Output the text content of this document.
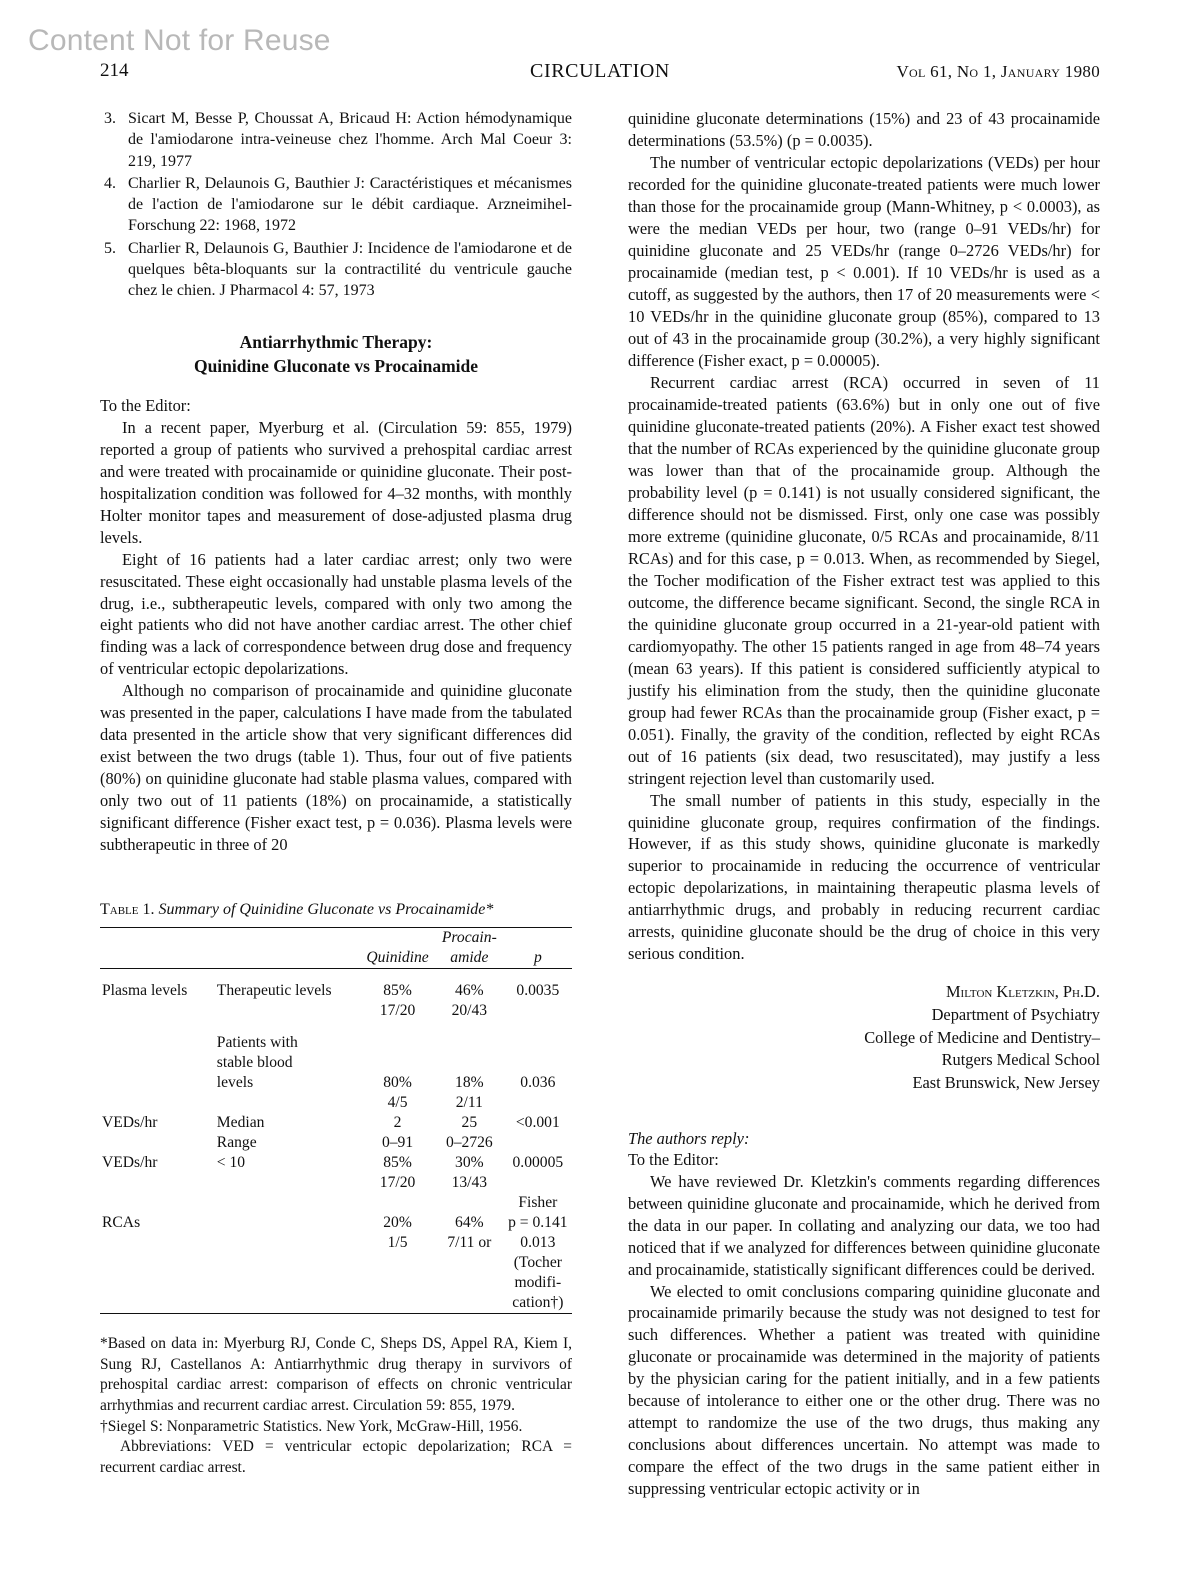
Content Not for Reuse
214	CIRCULATION	Vol 61, No 1, January 1980
3. Sicart M, Besse P, Choussat A, Bricaud H: Action hémodynamique de l'amiodarone intra-veineuse chez l'homme. Arch Mal Coeur 3: 219, 1977
4. Charlier R, Delaunois G, Bauthier J: Caractéristiques et mécanismes de l'action de l'amiodarone sur le débit cardiaque. Arzneimihel-Forschung 22: 1968, 1972
5. Charlier R, Delaunois G, Bauthier J: Incidence de l'amiodarone et de quelques bêta-bloquants sur la contractilité du ventricule gauche chez le chien. J Pharmacol 4: 57, 1973
Antiarrhythmic Therapy:
Quinidine Gluconate vs Procainamide

To the Editor:

In a recent paper, Myerburg et al. (Circulation 59: 855, 1979) reported a group of patients who survived a prehospital cardiac arrest and were treated with procainamide or quinidine gluconate. Their post-hospitalization condition was followed for 4–32 months, with monthly Holter monitor tapes and measurement of dose-adjusted plasma drug levels.

Eight of 16 patients had a later cardiac arrest; only two were resuscitated. These eight occasionally had unstable plasma levels of the drug, i.e., subtherapeutic levels, compared with only two among the eight patients who did not have another cardiac arrest. The other chief finding was a lack of correspondence between drug dose and frequency of ventricular ectopic depolarizations.

Although no comparison of procainamide and quinidine gluconate was presented in the paper, calculations I have made from the tabulated data presented in the article show that very significant differences did exist between the two drugs (table 1). Thus, four out of five patients (80%) on quinidine gluconate had stable plasma values, compared with only two out of 11 patients (18%) on procainamide, a statistically significant difference (Fisher exact test, p = 0.036). Plasma levels were subtherapeutic in three of 20

Table 1. Summary of Quinidine Gluconate vs Procainamide*
			Procain-	
		Quinidine	amide	p

Plasma levels	Therapeutic levels	85%	46%	0.0035
		17/20	20/43	

	Patients with			
	stable blood			
	levels	80%	18%	0.036
		4/5	2/11	
VEDs/hr	Median	2	25	<0.001
	Range	0–91	0–2726	
VEDs/hr	< 10	85%	30%	0.00005
		17/20	13/43	
				Fisher
RCAs		20%	64%	p = 0.141
		1/5	7/11 or	0.013
				(Tocher
				modifi-
				cation†)

*Based on data in: Myerburg RJ, Conde C, Sheps DS, Appel RA, Kiem I, Sung RJ, Castellanos A: Antiarrhythmic drug therapy in survivors of prehospital cardiac arrest: comparison of effects on chronic ventricular arrhythmias and recurrent cardiac arrest. Circulation 59: 855, 1979.

†Siegel S: Nonparametric Statistics. New York, McGraw-Hill, 1956.

Abbreviations: VED = ventricular ectopic depolarization; RCA = recurrent cardiac arrest.

quinidine gluconate determinations (15%) and 23 of 43 procainamide determinations (53.5%) (p = 0.0035).

The number of ventricular ectopic depolarizations (VEDs) per hour recorded for the quinidine gluconate-treated patients were much lower than those for the procainamide group (Mann-Whitney, p < 0.0003), as were the median VEDs per hour, two (range 0–91 VEDs/hr) for quinidine gluconate and 25 VEDs/hr (range 0–2726 VEDs/hr) for procainamide (median test, p < 0.001). If 10 VEDs/hr is used as a cutoff, as suggested by the authors, then 17 of 20 measurements were < 10 VEDs/hr in the quinidine gluconate group (85%), compared to 13 out of 43 in the procainamide group (30.2%), a very highly significant difference (Fisher exact, p = 0.00005).

Recurrent cardiac arrest (RCA) occurred in seven of 11 procainamide-treated patients (63.6%) but in only one out of five quinidine gluconate-treated patients (20%). A Fisher exact test showed that the number of RCAs experienced by the quinidine gluconate group was lower than that of the procainamide group. Although the probability level (p = 0.141) is not usually considered significant, the difference should not be dismissed. First, only one case was possibly more extreme (quinidine gluconate, 0/5 RCAs and procainamide, 8/11 RCAs) and for this case, p = 0.013. When, as recommended by Siegel, the Tocher modification of the Fisher extract test was applied to this outcome, the difference became significant. Second, the single RCA in the quinidine gluconate group occurred in a 21-year-old patient with cardiomyopathy. The other 15 patients ranged in age from 48–74 years (mean 63 years). If this patient is considered sufficiently atypical to justify his elimination from the study, then the quinidine gluconate group had fewer RCAs than the procainamide group (Fisher exact, p = 0.051). Finally, the gravity of the condition, reflected by eight RCAs out of 16 patients (six dead, two resuscitated), may justify a less stringent rejection level than customarily used.

The small number of patients in this study, especially in the quinidine gluconate group, requires confirmation of the findings. However, if as this study shows, quinidine gluconate is markedly superior to procainamide in reducing the occurrence of ventricular ectopic depolarizations, in maintaining therapeutic plasma levels of antiarrhythmic drugs, and probably in reducing recurrent cardiac arrests, quinidine gluconate should be the drug of choice in this very serious condition.

Milton Kletzkin, Ph.D.
Department of Psychiatry
College of Medicine and Dentistry–
Rutgers Medical School
East Brunswick, New Jersey
The authors reply:
To the Editor:

We have reviewed Dr. Kletzkin's comments regarding differences between quinidine gluconate and procainamide, which he derived from the data in our paper. In collating and analyzing our data, we too had noticed that if we analyzed for differences between quinidine gluconate and procainamide, statistically significant differences could be derived.

We elected to omit conclusions comparing quinidine gluconate and procainamide primarily because the study was not designed to test for such differences. Whether a patient was treated with quinidine gluconate or procainamide was determined in the majority of patients by the physician caring for the patient initially, and in a few patients because of intolerance to either one or the other drug. There was no attempt to randomize the use of the two drugs, thus making any conclusions about differences uncertain. No attempt was made to compare the effect of the two drugs in the same patient either in suppressing ventricular ectopic activity or in
